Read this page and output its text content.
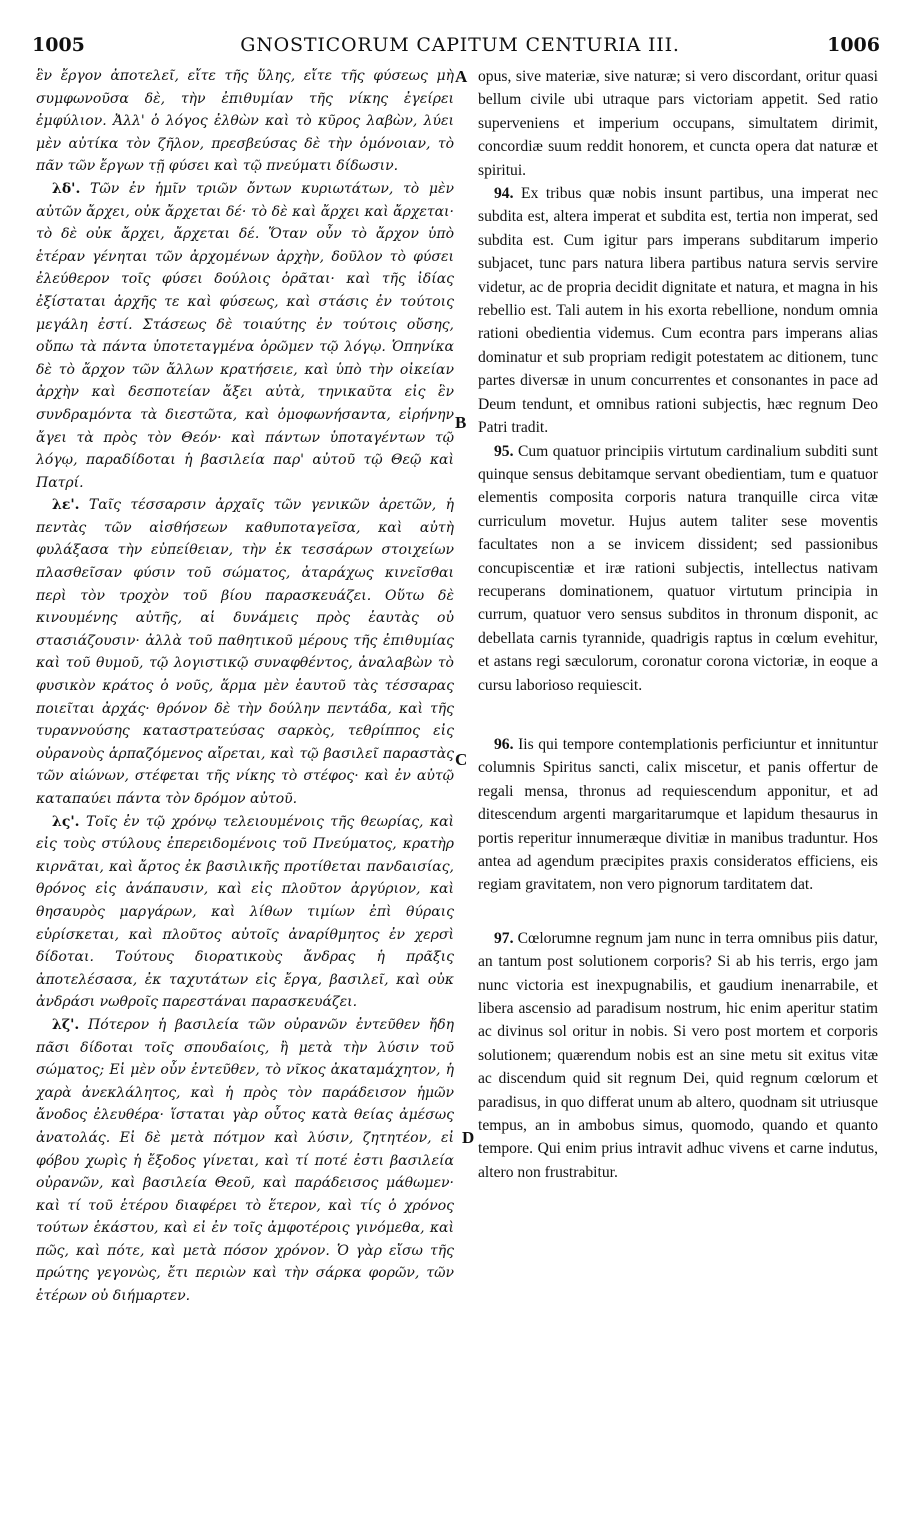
1005	GNOSTICORUM CAPITUM CENTURIA III.	1006
A
B
C
D

ἓν ἔργον ἀποτελεῖ, εἴτε τῆς ὕλης, εἴτε τῆς φύσεως μὴ συμφωνοῦσα δὲ, τὴν ἐπιθυμίαν τῆς νίκης ἐγείρει ἐμφύλιον. Ἀλλ' ὁ λόγος ἐλθὼν καὶ τὸ κῦρος λαβὼν, λύει μὲν αὐτίκα τὸν ζῆλον, πρεσβεύσας δὲ τὴν ὁμόνοιαν, τὸ πᾶν τῶν ἔργων τῇ φύσει καὶ τῷ πνεύματι δίδωσιν.

λδ'. Τῶν ἐν ἡμῖν τριῶν ὄντων κυριωτάτων, τὸ μὲν αὐτῶν ἄρχει, οὐκ ἄρχεται δέ· τὸ δὲ καὶ ἄρχει καὶ ἄρχεται· τὸ δὲ οὐκ ἄρχει, ἄρχεται δέ. Ὅταν οὖν τὸ ἄρχον ὑπὸ ἑτέραν γένηται τῶν ἀρχομένων ἀρχὴν, δοῦλον τὸ φύσει ἐλεύθερον τοῖς φύσει δούλοις ὁρᾶται· καὶ τῆς ἰδίας ἐξίσταται ἀρχῆς τε καὶ φύσεως, καὶ στάσις ἐν τούτοις μεγάλη ἐστί. Στάσεως δὲ τοιαύτης ἐν τούτοις οὔσης, οὔπω τὰ πάντα ὑποτεταγμένα ὁρῶμεν τῷ λόγῳ. Ὁπηνίκα δὲ τὸ ἄρχον τῶν ἄλλων κρατήσειε, καὶ ὑπὸ τὴν οἰκείαν ἀρχὴν καὶ δεσποτείαν ἄξει αὐτὰ, τηνικαῦτα εἰς ἓν συνδραμόντα τὰ διεστῶτα, καὶ ὁμοφωνήσαντα, εἰρήνην ἄγει τὰ πρὸς τὸν Θεόν· καὶ πάντων ὑποταγέντων τῷ λόγῳ, παραδίδοται ἡ βασιλεία παρ' αὐτοῦ τῷ Θεῷ καὶ Πατρί.

λε'. Ταῖς τέσσαρσιν ἀρχαῖς τῶν γενικῶν ἀρετῶν, ἡ πεντὰς τῶν αἰσθήσεων καθυποταγεῖσα, καὶ αὐτὴ φυλάξασα τὴν εὐπείθειαν, τὴν ἐκ τεσσάρων στοιχείων πλασθεῖσαν φύσιν τοῦ σώματος, ἀταράχως κινεῖσθαι περὶ τὸν τροχὸν τοῦ βίου παρασκευάζει. Οὕτω δὲ κινουμένης αὐτῆς, αἱ δυνάμεις πρὸς ἑαυτὰς οὐ στασιάζουσιν· ἀλλὰ τοῦ παθητικοῦ μέρους τῆς ἐπιθυμίας καὶ τοῦ θυμοῦ, τῷ λογιστικῷ συναφθέντος, ἀναλαβὼν τὸ φυσικὸν κράτος ὁ νοῦς, ἅρμα μὲν ἑαυτοῦ τὰς τέσσαρας ποιεῖται ἀρχάς· θρόνον δὲ τὴν δούλην πεντάδα, καὶ τῆς τυραννούσης καταστρατεύσας σαρκὸς, τεθρίππος εἰς οὐρανοὺς ἁρπαζόμενος αἴρεται, καὶ τῷ βασιλεῖ παραστὰς τῶν αἰώνων, στέφεται τῆς νίκης τὸ στέφος· καὶ ἐν αὐτῷ καταπαύει πάντα τὸν δρόμον αὐτοῦ.

λς'. Τοῖς ἐν τῷ χρόνῳ τελειουμένοις τῆς θεωρίας, καὶ εἰς τοὺς στύλους ἐπερειδομένοις τοῦ Πνεύματος, κρατὴρ κιρνᾶται, καὶ ἄρτος ἐκ βασιλικῆς προτίθεται πανδαισίας, θρόνος εἰς ἀνάπαυσιν, καὶ εἰς πλοῦτον ἀργύριον, καὶ θησαυρὸς μαργάρων, καὶ λίθων τιμίων ἐπὶ θύραις εὑρίσκεται, καὶ πλοῦτος αὐτοῖς ἀναρίθμητος ἐν χερσὶ δίδοται. Τούτους διορατικοὺς ἄνδρας ἡ πρᾶξις ἀποτελέσασα, ἐκ ταχυτάτων εἰς ἔργα, βασιλεῖ, καὶ οὐκ ἀνδράσι νωθροῖς παρεστάναι παρασκευάζει.

λζ'. Πότερον ἡ βασιλεία τῶν οὐρανῶν ἐντεῦθεν ἤδη πᾶσι δίδοται τοῖς σπουδαίοις, ἢ μετὰ τὴν λύσιν τοῦ σώματος; Εἰ μὲν οὖν ἐντεῦθεν, τὸ νῖκος ἀκαταμάχητον, ἡ χαρὰ ἀνεκλάλητος, καὶ ἡ πρὸς τὸν παράδεισον ἡμῶν ἄνοδος ἐλευθέρα· ἵσταται γὰρ οὗτος κατὰ θείας ἀμέσως ἀνατολάς. Εἰ δὲ μετὰ πότμον καὶ λύσιν, ζητητέον, εἰ φόβου χωρὶς ἡ ἔξοδος γίνεται, καὶ τί ποτέ ἐστι βασιλεία οὐρανῶν, καὶ βασιλεία Θεοῦ, καὶ παράδεισος μάθωμεν· καὶ τί τοῦ ἑτέρου διαφέρει τὸ ἕτερον, καὶ τίς ὁ χρόνος τούτων ἑκάστου, καὶ εἰ ἐν τοῖς ἀμφοτέροις γινόμεθα, καὶ πῶς, καὶ πότε, καὶ μετὰ πόσον χρόνον. Ὁ γὰρ εἴσω τῆς πρώτης γεγονὼς, ἔτι περιὼν καὶ τὴν σάρκα φορῶν, τῶν ἑτέρων οὐ διήμαρτεν.

opus, sive materiæ, sive naturæ; si vero discordant, oritur quasi bellum civile ubi utraque pars victoriam appetit. Sed ratio superveniens et imperium occupans, simultatem dirimit, concordiæ suum reddit honorem, et cuncta opera dat naturæ et spiritui.

94. Ex tribus quæ nobis insunt partibus, una imperat nec subdita est, altera imperat et subdita est, tertia non imperat, sed subdita est. Cum igitur pars imperans subditarum imperio subjacet, tunc pars natura libera partibus natura servis servire videtur, ac de propria decidit dignitate et natura, et magna in his rebellio est. Tali autem in his exorta rebellione, nondum omnia rationi obedientia videmus. Cum econtra pars imperans alias dominatur et sub propriam redigit potestatem ac ditionem, tunc partes diversæ in unum concurrentes et consonantes in pace ad Deum tendunt, et omnibus rationi subjectis, hæc regnum Deo Patri tradit.

95. Cum quatuor principiis virtutum cardinalium subditi sunt quinque sensus debitamque servant obedientiam, tum e quatuor elementis composita corporis natura tranquille circa vitæ curriculum movetur. Hujus autem taliter sese moventis facultates non a se invicem dissident; sed passionibus concupiscentiæ et iræ rationi subjectis, intellectus nativam recuperans dominationem, quatuor virtutum principia in currum, quatuor vero sensus subditos in thronum disponit, ac debellata carnis tyrannide, quadrigis raptus in cœlum evehitur, et astans regi sæculorum, coronatur corona victoriæ, in eoque a cursu laborioso requiescit.

96. Iis qui tempore contemplationis perficiuntur et innituntur columnis Spiritus sancti, calix miscetur, et panis offertur de regali mensa, thronus ad requiescendum apponitur, et ad ditescendum argenti margaritarumque et lapidum thesaurus in portis reperitur innumeræque divitiæ in manibus traduntur. Hos antea ad agendum præcipites praxis consideratos efficiens, eis regiam gravitatem, non vero pignorum tarditatem dat.

97. Cœlorumne regnum jam nunc in terra omnibus piis datur, an tantum post solutionem corporis? Si ab his terris, ergo jam nunc victoria est inexpugnabilis, et gaudium inenarrabile, et libera ascensio ad paradisum nostrum, hic enim aperitur statim ac divinus sol oritur in nobis. Si vero post mortem et corporis solutionem; quærendum nobis est an sine metu sit exitus vitæ ac discendum quid sit regnum Dei, quid regnum cœlorum et paradisus, in quo differat unum ab altero, quodnam sit utriusque tempus, an in ambobus simus, quomodo, quando et quanto tempore. Qui enim prius intravit adhuc vivens et carne indutus, altero non frustrabitur.
